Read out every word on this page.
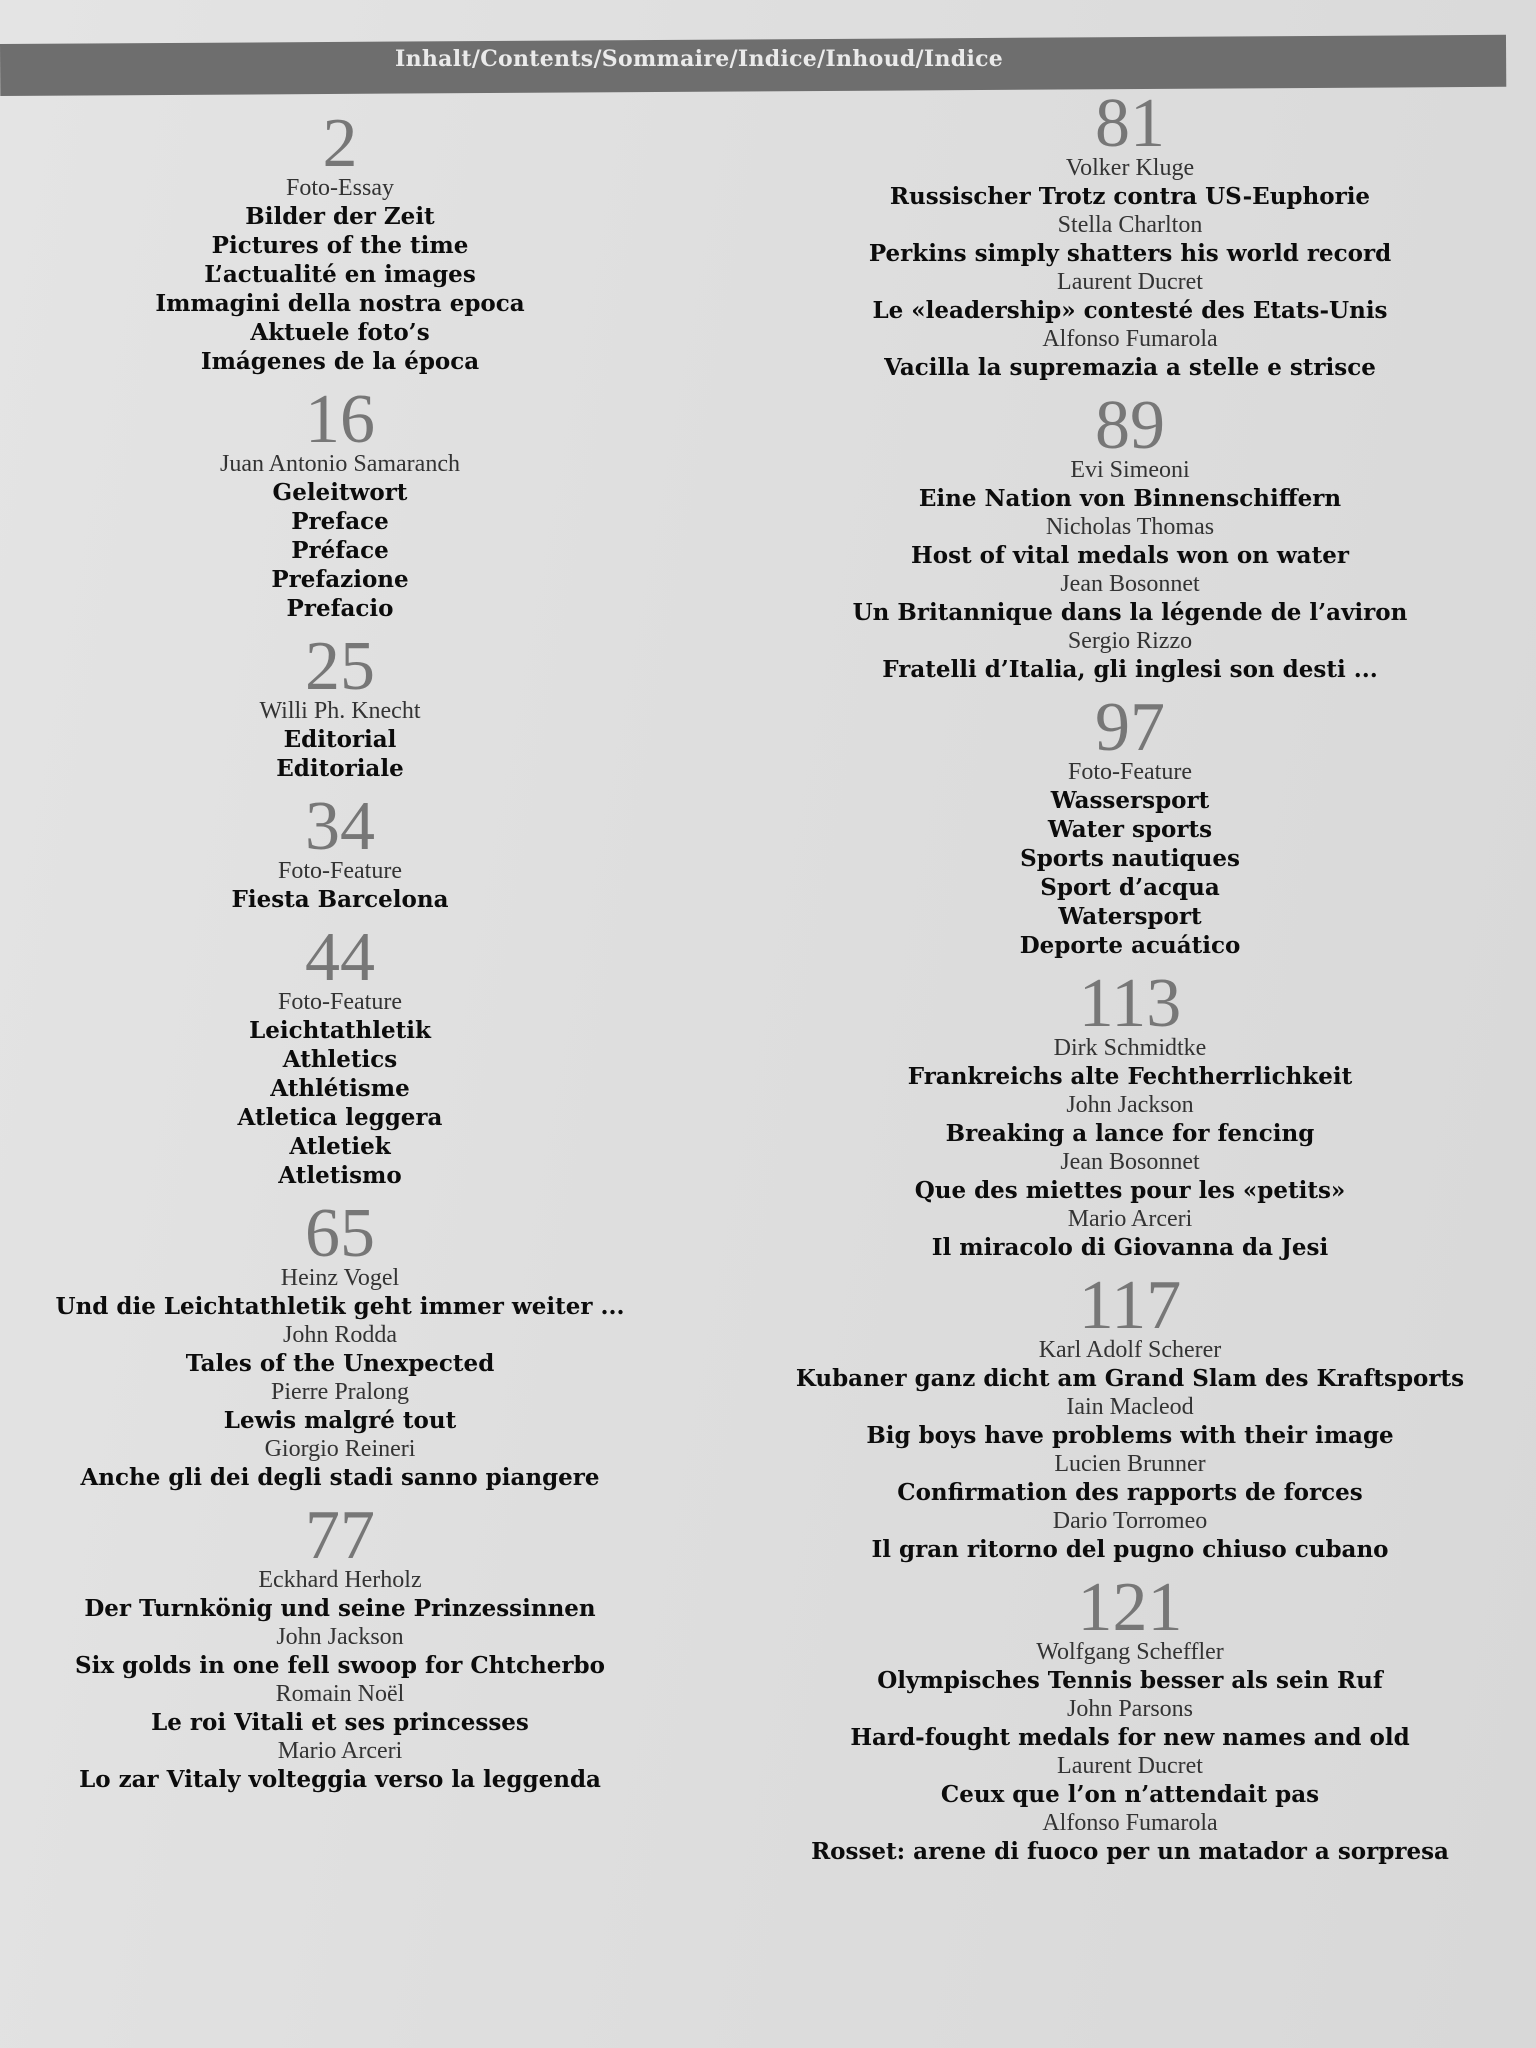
Inhalt/Contents/Sommaire/Indice/Inhoud/Indice
2
Foto-Essay
Bilder der Zeit
Pictures of the time
L’actualité en images
Immagini della nostra epoca
Aktuele foto’s
Imágenes de la época
16
Juan Antonio Samaranch
Geleitwort
Preface
Préface
Prefazione
Prefacio
25
Willi Ph. Knecht
Editorial
Editoriale
34
Foto-Feature
Fiesta Barcelona
44
Foto-Feature
Leichtathletik
Athletics
Athlétisme
Atletica leggera
Atletiek
Atletismo
65
Heinz Vogel
Und die Leichtathletik geht immer weiter ...
John Rodda
Tales of the Unexpected
Pierre Pralong
Lewis malgré tout
Giorgio Reineri
Anche gli dei degli stadi sanno piangere
77
Eckhard Herholz
Der Turnkönig und seine Prinzessinnen
John Jackson
Six golds in one fell swoop for Chtcherbo
Romain Noël
Le roi Vitali et ses princesses
Mario Arceri
Lo zar Vitaly volteggia verso la leggenda
81
Volker Kluge
Russischer Trotz contra US-Euphorie
Stella Charlton
Perkins simply shatters his world record
Laurent Ducret
Le «leadership» contesté des Etats-Unis
Alfonso Fumarola
Vacilla la supremazia a stelle e strisce
89
Evi Simeoni
Eine Nation von Binnenschiffern
Nicholas Thomas
Host of vital medals won on water
Jean Bosonnet
Un Britannique dans la légende de l’aviron
Sergio Rizzo
Fratelli d’Italia, gli inglesi son desti ...
97
Foto-Feature
Wassersport
Water sports
Sports nautiques
Sport d’acqua
Watersport
Deporte acuático
113
Dirk Schmidtke
Frankreichs alte Fechtherrlichkeit
John Jackson
Breaking a lance for fencing
Jean Bosonnet
Que des miettes pour les «petits»
Mario Arceri
Il miracolo di Giovanna da Jesi
117
Karl Adolf Scherer
Kubaner ganz dicht am Grand Slam des Kraftsports
Iain Macleod
Big boys have problems with their image
Lucien Brunner
Confirmation des rapports de forces
Dario Torromeo
Il gran ritorno del pugno chiuso cubano
121
Wolfgang Scheffler
Olympisches Tennis besser als sein Ruf
John Parsons
Hard-fought medals for new names and old
Laurent Ducret
Ceux que l’on n’attendait pas
Alfonso Fumarola
Rosset: arene di fuoco per un matador a sorpresa
